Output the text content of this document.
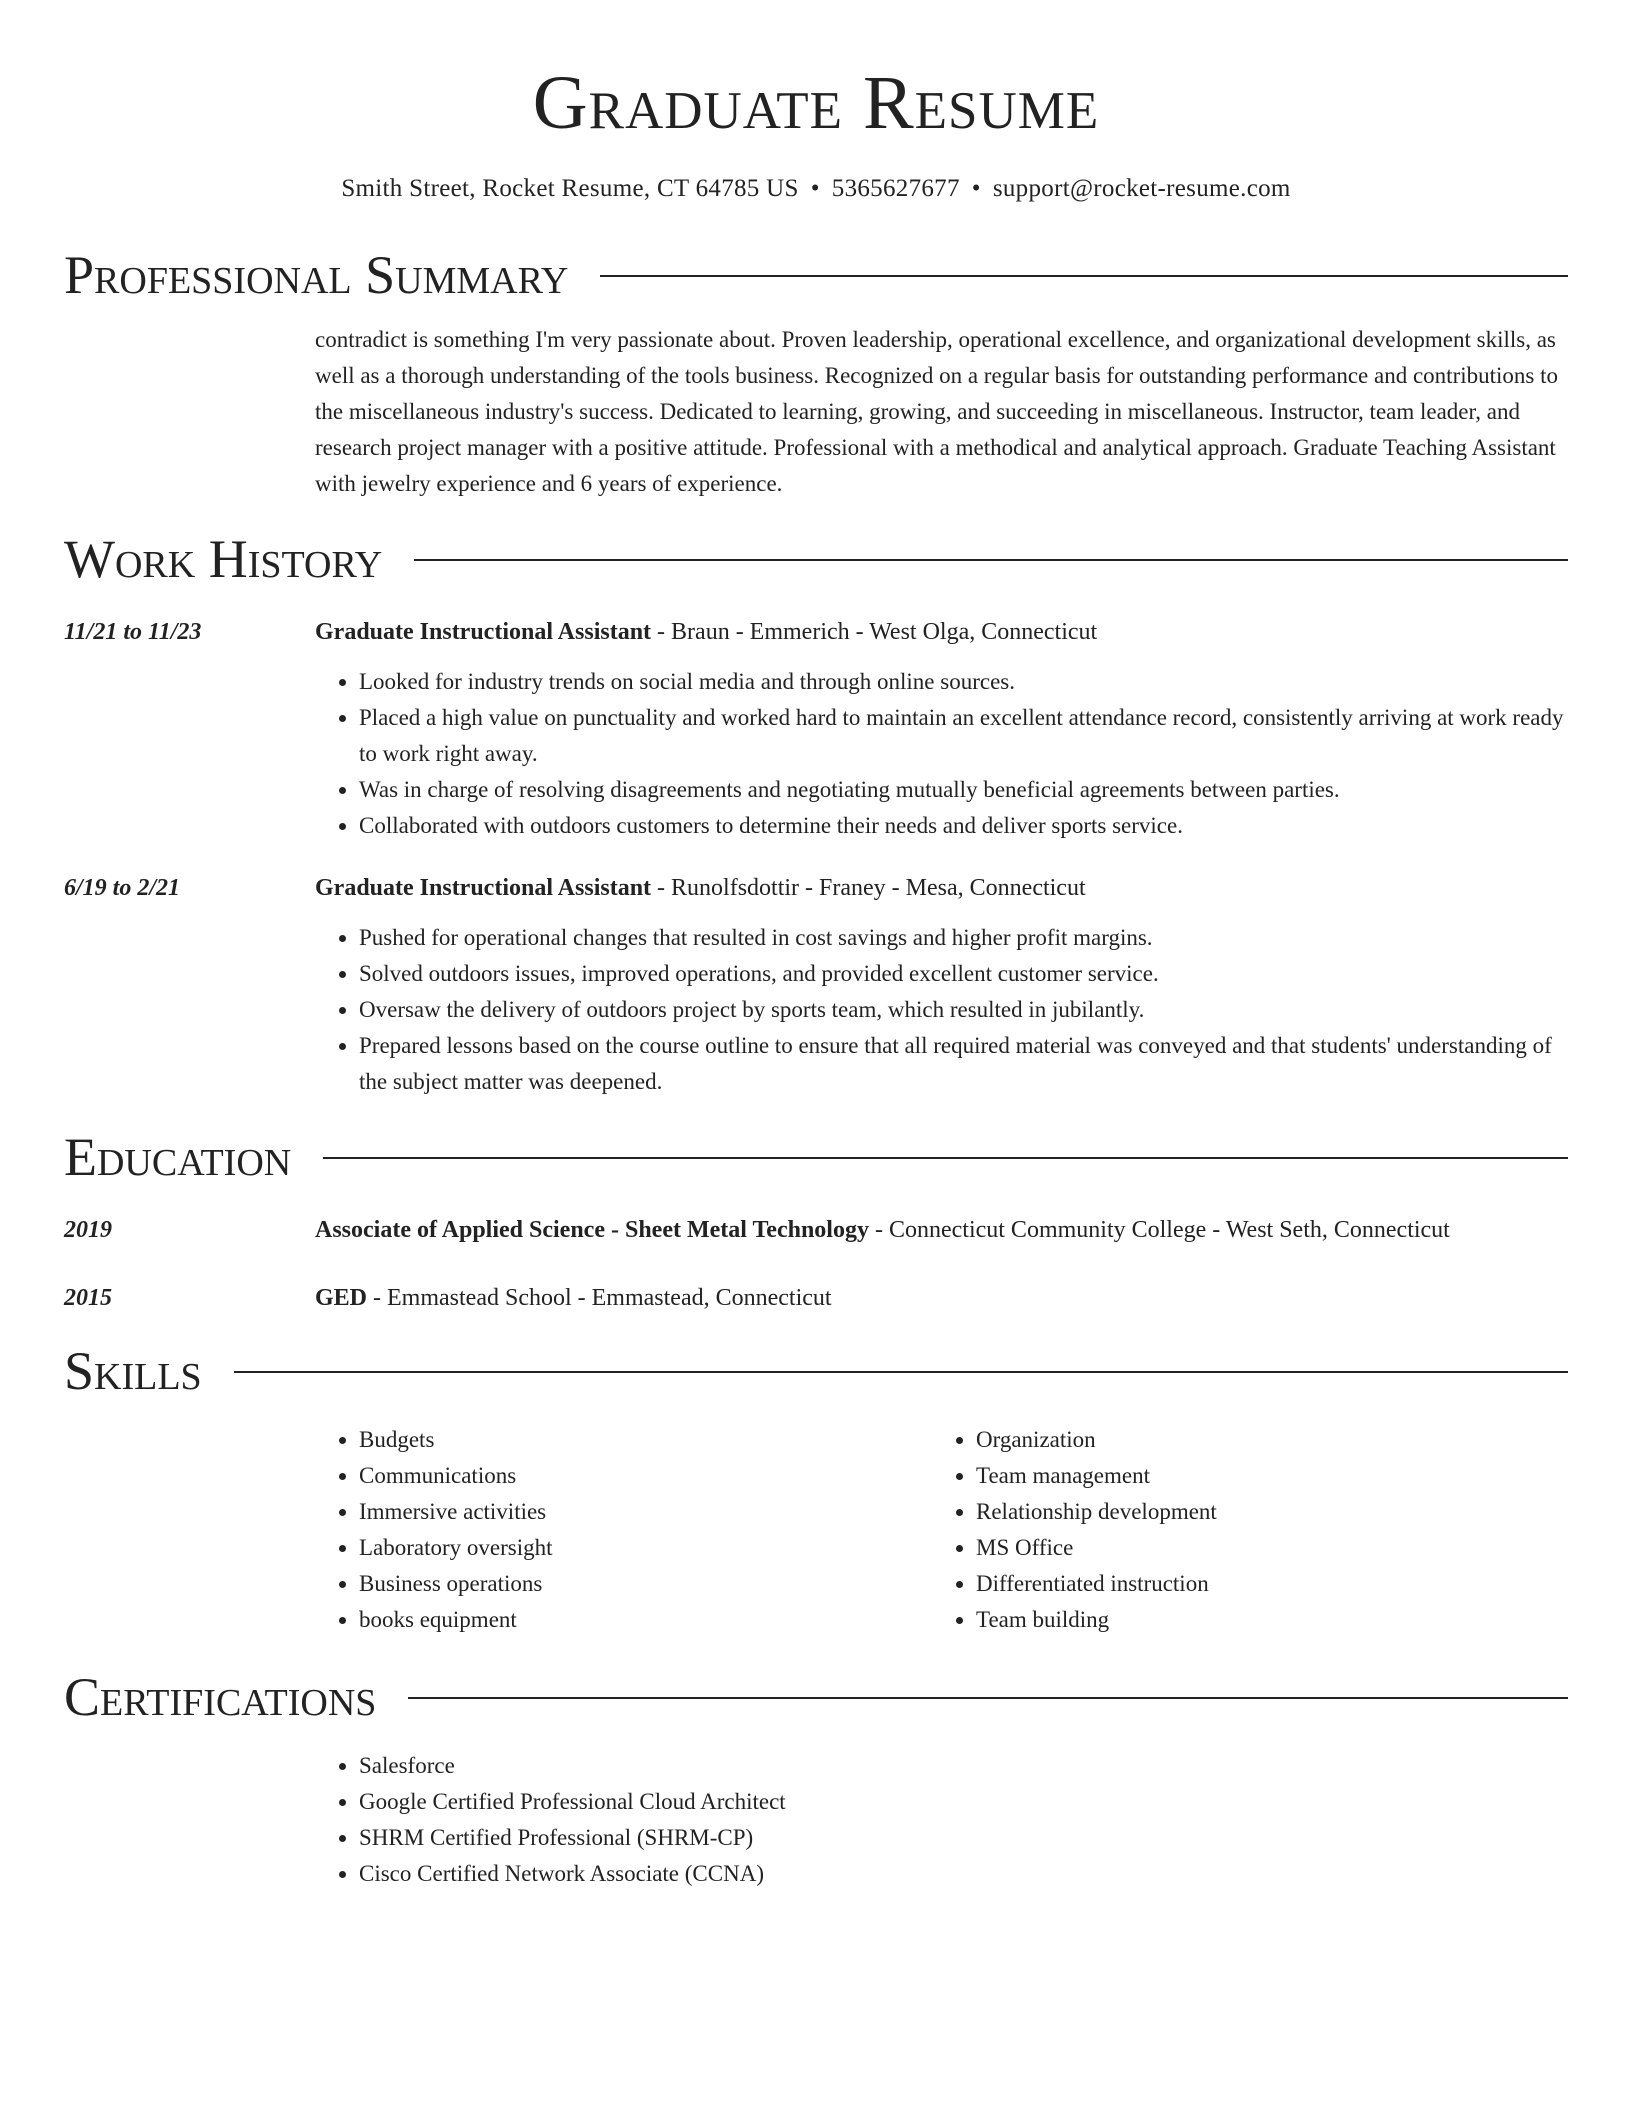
Graduate Resume
Smith Street, Rocket Resume, CT 64785 US • 5365627677 • support@rocket-resume.com
Professional Summary
contradict is something I'm very passionate about. Proven leadership, operational excellence, and organizational development skills, as well as a thorough understanding of the tools business. Recognized on a regular basis for outstanding performance and contributions to the miscellaneous industry's success. Dedicated to learning, growing, and succeeding in miscellaneous. Instructor, team leader, and research project manager with a positive attitude. Professional with a methodical and analytical approach. Graduate Teaching Assistant with jewelry experience and 6 years of experience.
Work History
11/21 to 11/23	Graduate Instructional Assistant - Braun - Emmerich - West Olga, Connecticut
• Looked for industry trends on social media and through online sources.
• Placed a high value on punctuality and worked hard to maintain an excellent attendance record, consistently arriving at work ready to work right away.
• Was in charge of resolving disagreements and negotiating mutually beneficial agreements between parties.
• Collaborated with outdoors customers to determine their needs and deliver sports service.
6/19 to 2/21	Graduate Instructional Assistant - Runolfsdottir - Franey - Mesa, Connecticut
• Pushed for operational changes that resulted in cost savings and higher profit margins.
• Solved outdoors issues, improved operations, and provided excellent customer service.
• Oversaw the delivery of outdoors project by sports team, which resulted in jubilantly.
• Prepared lessons based on the course outline to ensure that all required material was conveyed and that students' understanding of the subject matter was deepened.
Education
2019	Associate of Applied Science - Sheet Metal Technology - Connecticut Community College - West Seth, Connecticut
2015	GED - Emmastead School - Emmastead, Connecticut
Skills
• Budgets
• Communications
• Immersive activities
• Laboratory oversight
• Business operations
• books equipment
• Organization
• Team management
• Relationship development
• MS Office
• Differentiated instruction
• Team building
Certifications
• Salesforce
• Google Certified Professional Cloud Architect
• SHRM Certified Professional (SHRM-CP)
• Cisco Certified Network Associate (CCNA)
